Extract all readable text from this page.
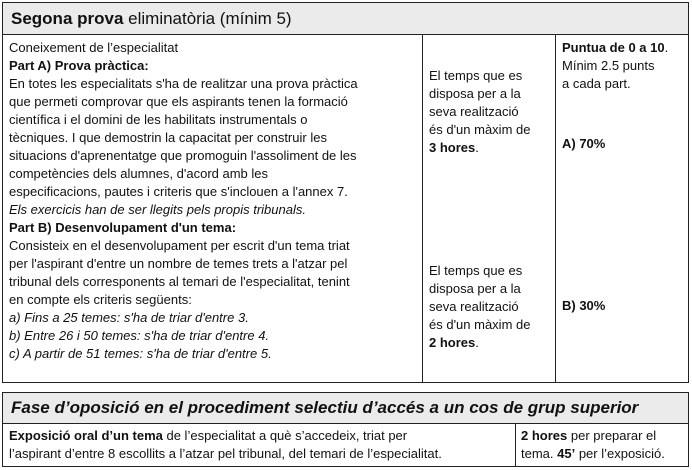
Segona prova eliminatòria (mínim 5)
Coneixement de l’especialitat
Part A) Prova pràctica:
En totes les especialitats s'ha de realitzar una prova pràctica
que permeti comprovar que els aspirants tenen la formació
científica i el domini de les habilitats instrumentals o
tècniques. I que demostrin la capacitat per construir les
situacions d'aprenentatge que promoguin l'assoliment de les
competències dels alumnes, d'acord amb les
especificacions, pautes i criteris que s'inclouen a l'annex 7.
Els exercicis han de ser llegits pels propis tribunals.
Part B) Desenvolupament d'un tema:
Consisteix en el desenvolupament per escrit d'un tema triat
per l'aspirant d'entre un nombre de temes trets a l'atzar pel
tribunal dels corresponents al temari de l'especialitat, tenint
en compte els criteris següents:
a) Fins a 25 temes: s'ha de triar d'entre 3.
b) Entre 26 i 50 temes: s'ha de triar d'entre 4.
c) A partir de 51 temes: s'ha de triar d'entre 5.
El temps que es
disposa per a la
seva realització
és d'un màxim de
3 hores.
El temps que es
disposa per a la
seva realització
és d'un màxim de
2 hores.
Puntua de 0 a 10.
Mínim 2.5 punts
a cada part.
A) 70%
B) 30%
Fase d’oposició en el procediment selectiu d’accés a un cos de grup superior
Exposició oral d’un tema de l’especialitat a què s’accedeix, triat per
l’aspirant d’entre 8 escollits a l’atzar pel tribunal, del temari de l’especialitat.
2 hores per preparar el
tema. 45’ per l’exposició.
